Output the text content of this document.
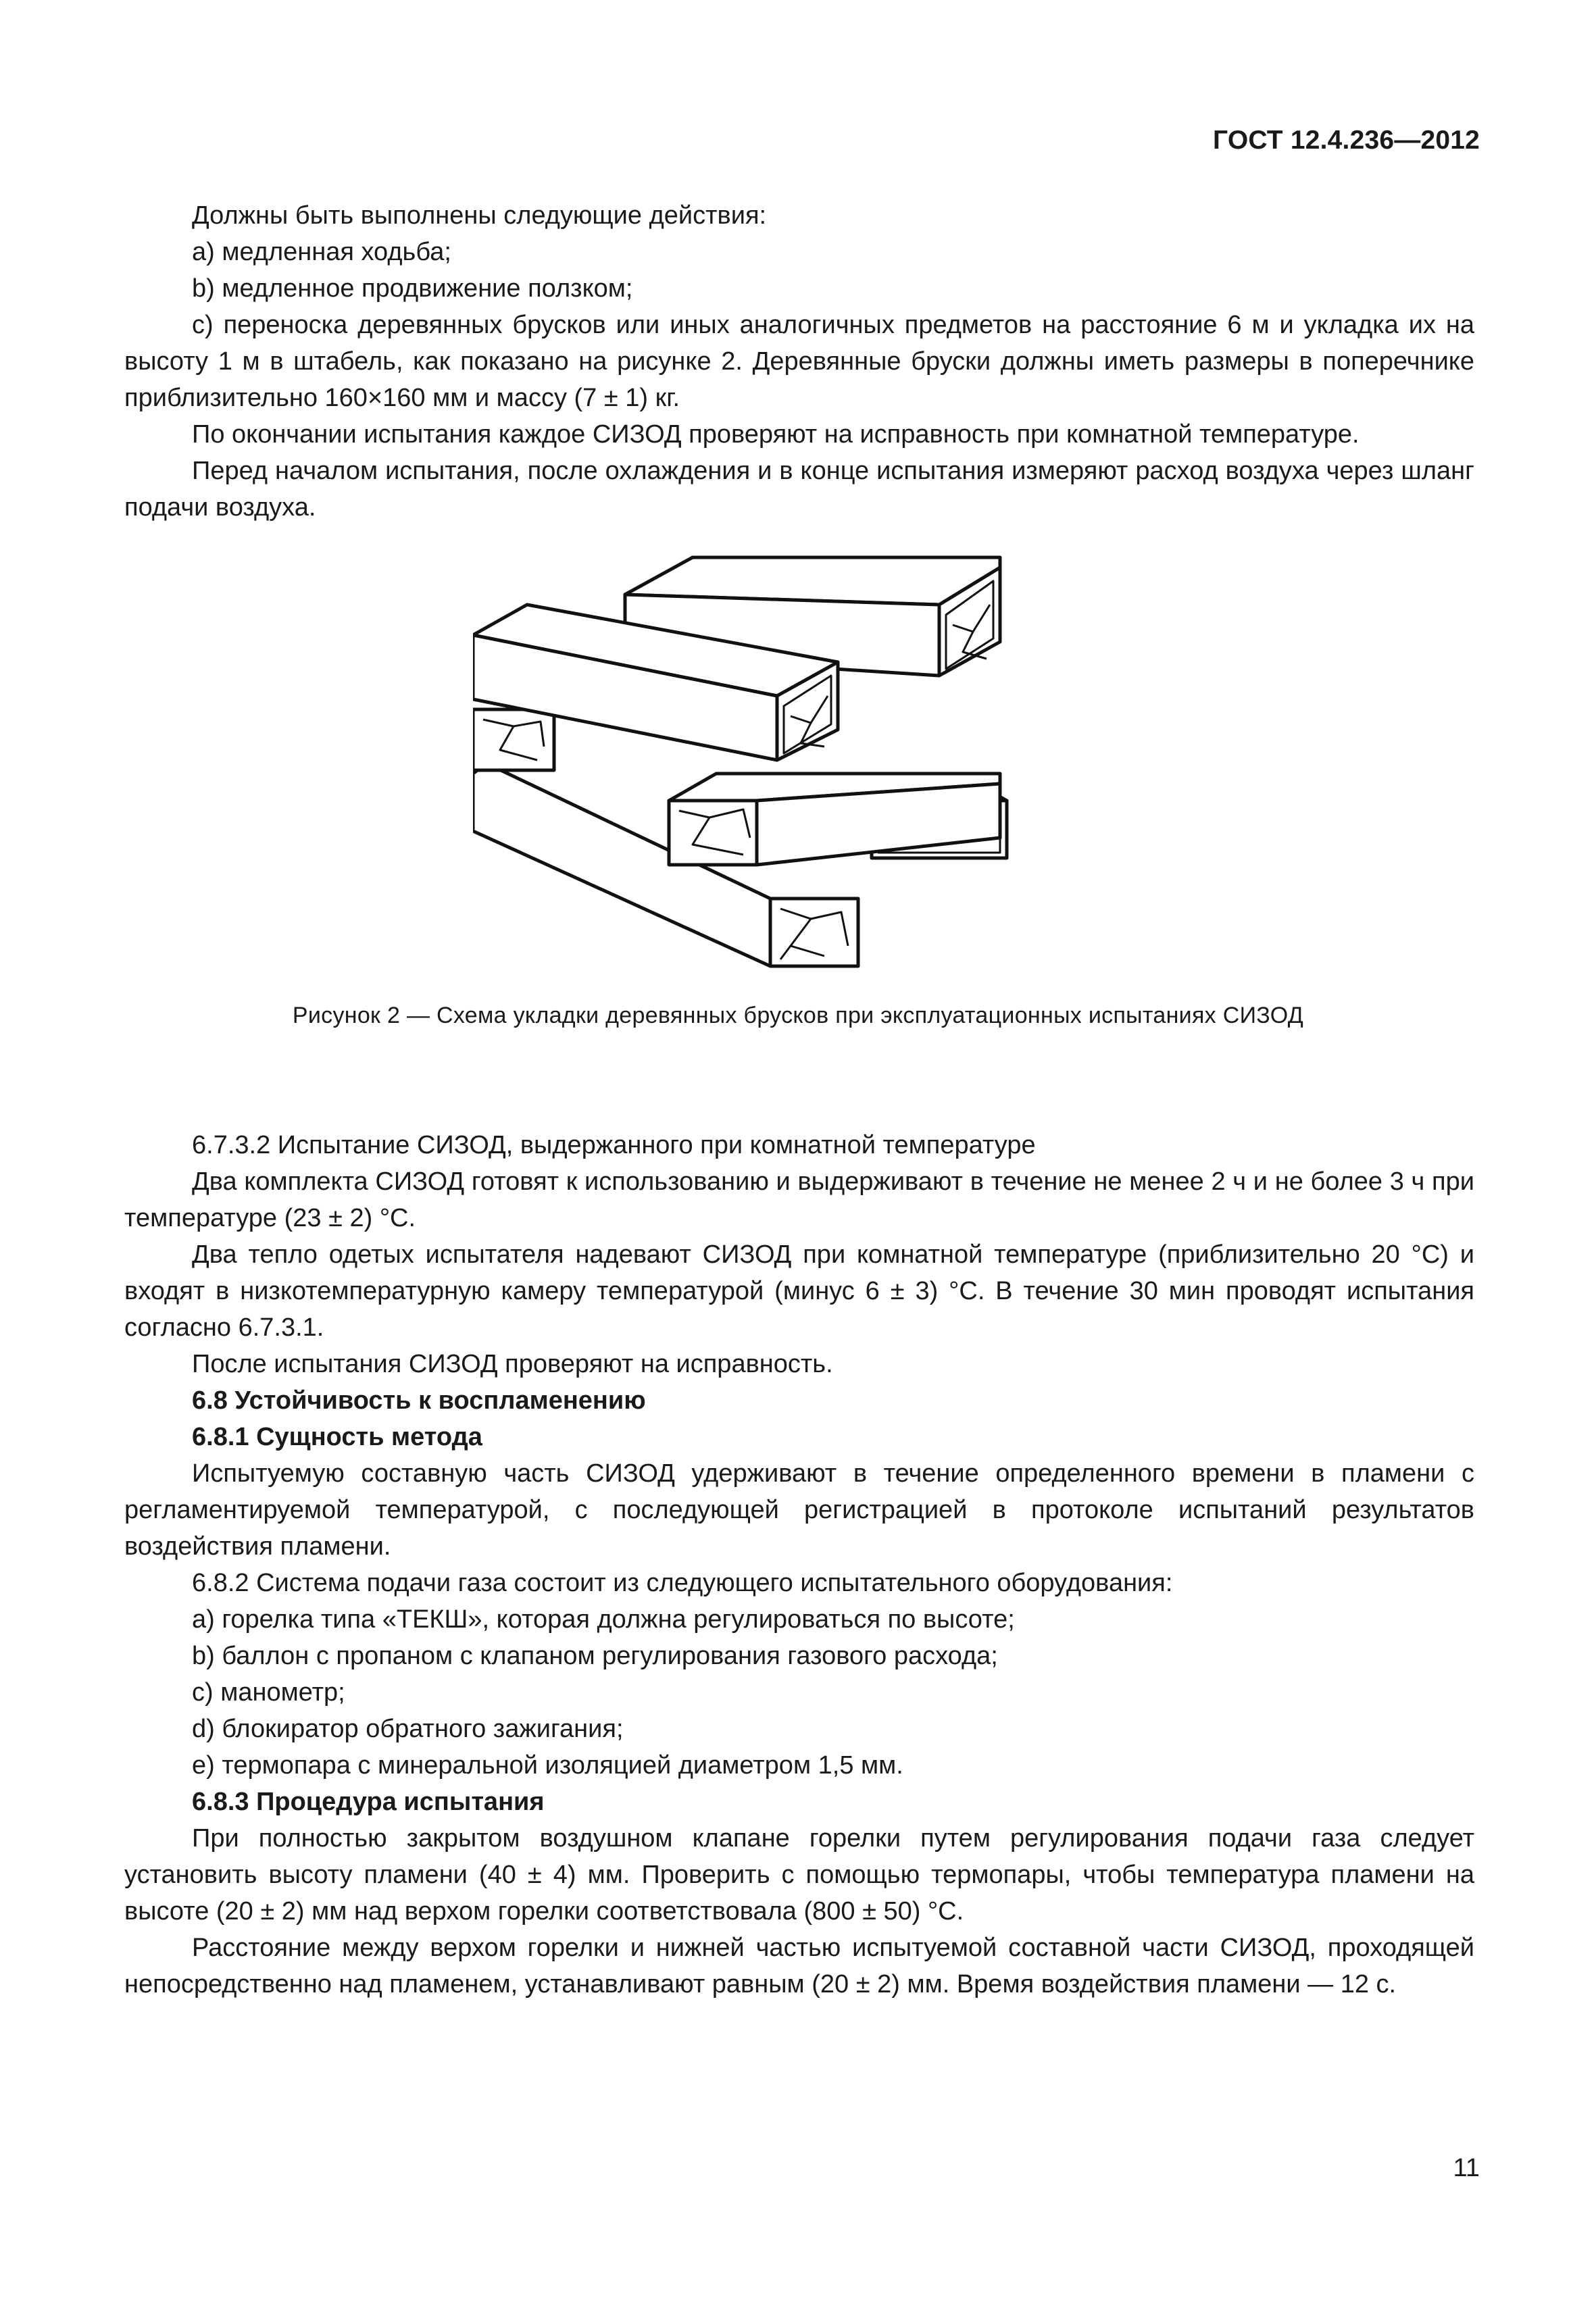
ГОСТ 12.4.236—2012

Должны быть выполнены следующие действия:

a) медленная ходьба;

b) медленное продвижение ползком;

c) переноска деревянных брусков или иных аналогичных предметов на расстояние 6 м и укладка их на высоту 1 м в штабель, как показано на рисунке 2. Деревянные бруски должны иметь размеры в поперечнике приблизительно 160×160 мм и массу (7 ± 1) кг.

По окончании испытания каждое СИЗОД проверяют на исправность при комнатной температуре.

Перед началом испытания, после охлаждения и в конце испытания измеряют расход воздуха через шланг подачи воздуха.

Рисунок 2 — Схема укладки деревянных брусков при эксплуатационных испытаниях СИЗОД

6.7.3.2 Испытание СИЗОД, выдержанного при комнатной температуре

Два комплекта СИЗОД готовят к использованию и выдерживают в течение не менее 2 ч и не более 3 ч при температуре (23 ± 2) °С.

Два тепло одетых испытателя надевают СИЗОД при комнатной температуре (приблизительно 20 °С) и входят в низкотемпературную камеру температурой (минус 6 ± 3) °С. В течение 30 мин проводят испытания согласно 6.7.3.1.

После испытания СИЗОД проверяют на исправность.

6.8 Устойчивость к воспламенению

6.8.1 Сущность метода

Испытуемую составную часть СИЗОД удерживают в течение определенного времени в пламени с регламентируемой температурой, с последующей регистрацией в протоколе испытаний результатов воздействия пламени.

6.8.2 Система подачи газа состоит из следующего испытательного оборудования:

a) горелка типа «ТЕКШ», которая должна регулироваться по высоте;

b) баллон с пропаном с клапаном регулирования газового расхода;

c) манометр;

d) блокиратор обратного зажигания;

e) термопара с минеральной изоляцией диаметром 1,5 мм.

6.8.3 Процедура испытания

При полностью закрытом воздушном клапане горелки путем регулирования подачи газа следует установить высоту пламени (40 ± 4) мм. Проверить с помощью термопары, чтобы температура пламени на высоте (20 ± 2) мм над верхом горелки соответствовала (800 ± 50) °С.

Расстояние между верхом горелки и нижней частью испытуемой составной части СИЗОД, проходящей непосредственно над пламенем, устанавливают равным (20 ± 2) мм. Время воздействия пламени — 12 с.

11
